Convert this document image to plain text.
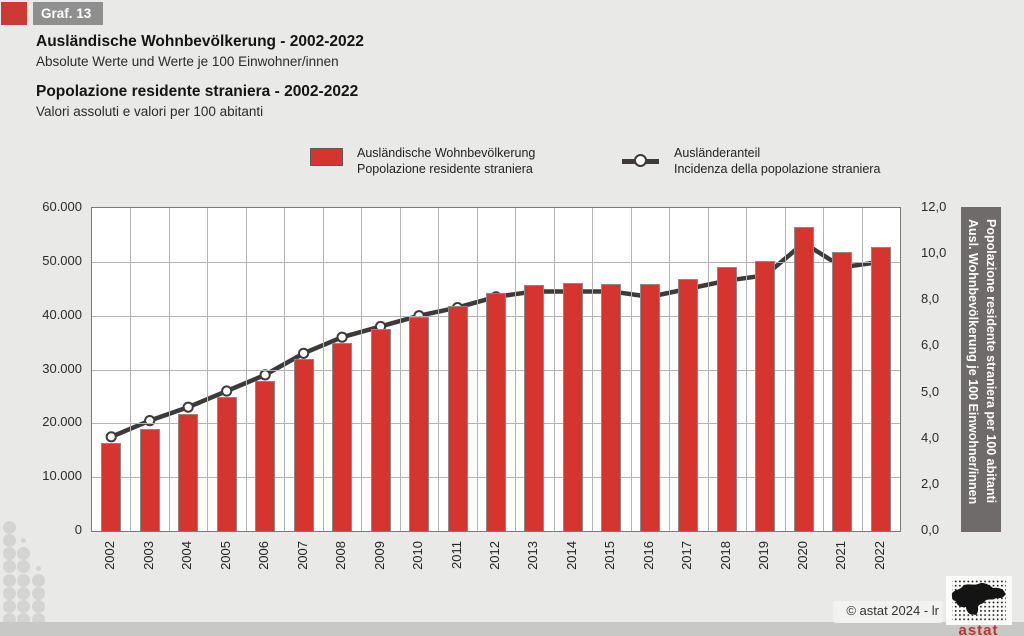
Graf. 13
Ausländische Wohnbevölkerung - 2002-2022
Absolute Werte und Werte je 100 Einwohner/innen
Popolazione residente straniera - 2002-2022
Valori assoluti e valori per 100 abitanti
Ausländische Wohnbevölkerung
Popolazione residente straniera
Ausländeranteil
Incidenza della popolazione straniera
60.000
50.000
40.000
30.000
20.000
10.000
0
12,0
10,0
8,0
6,0
5,0
4,0
2,0
0,0
2002 2003 2004 2005 2006 2007 2008 2009 2010 2011 2012 2013 2014 2015 2016 2017 2018 2019 2020 2021 2022
Ausl. Wohnbevölkerung je 100 Einwohner/innen Popolazione residente straniera per 100 abitanti
© astat 2024 - lr
astat
